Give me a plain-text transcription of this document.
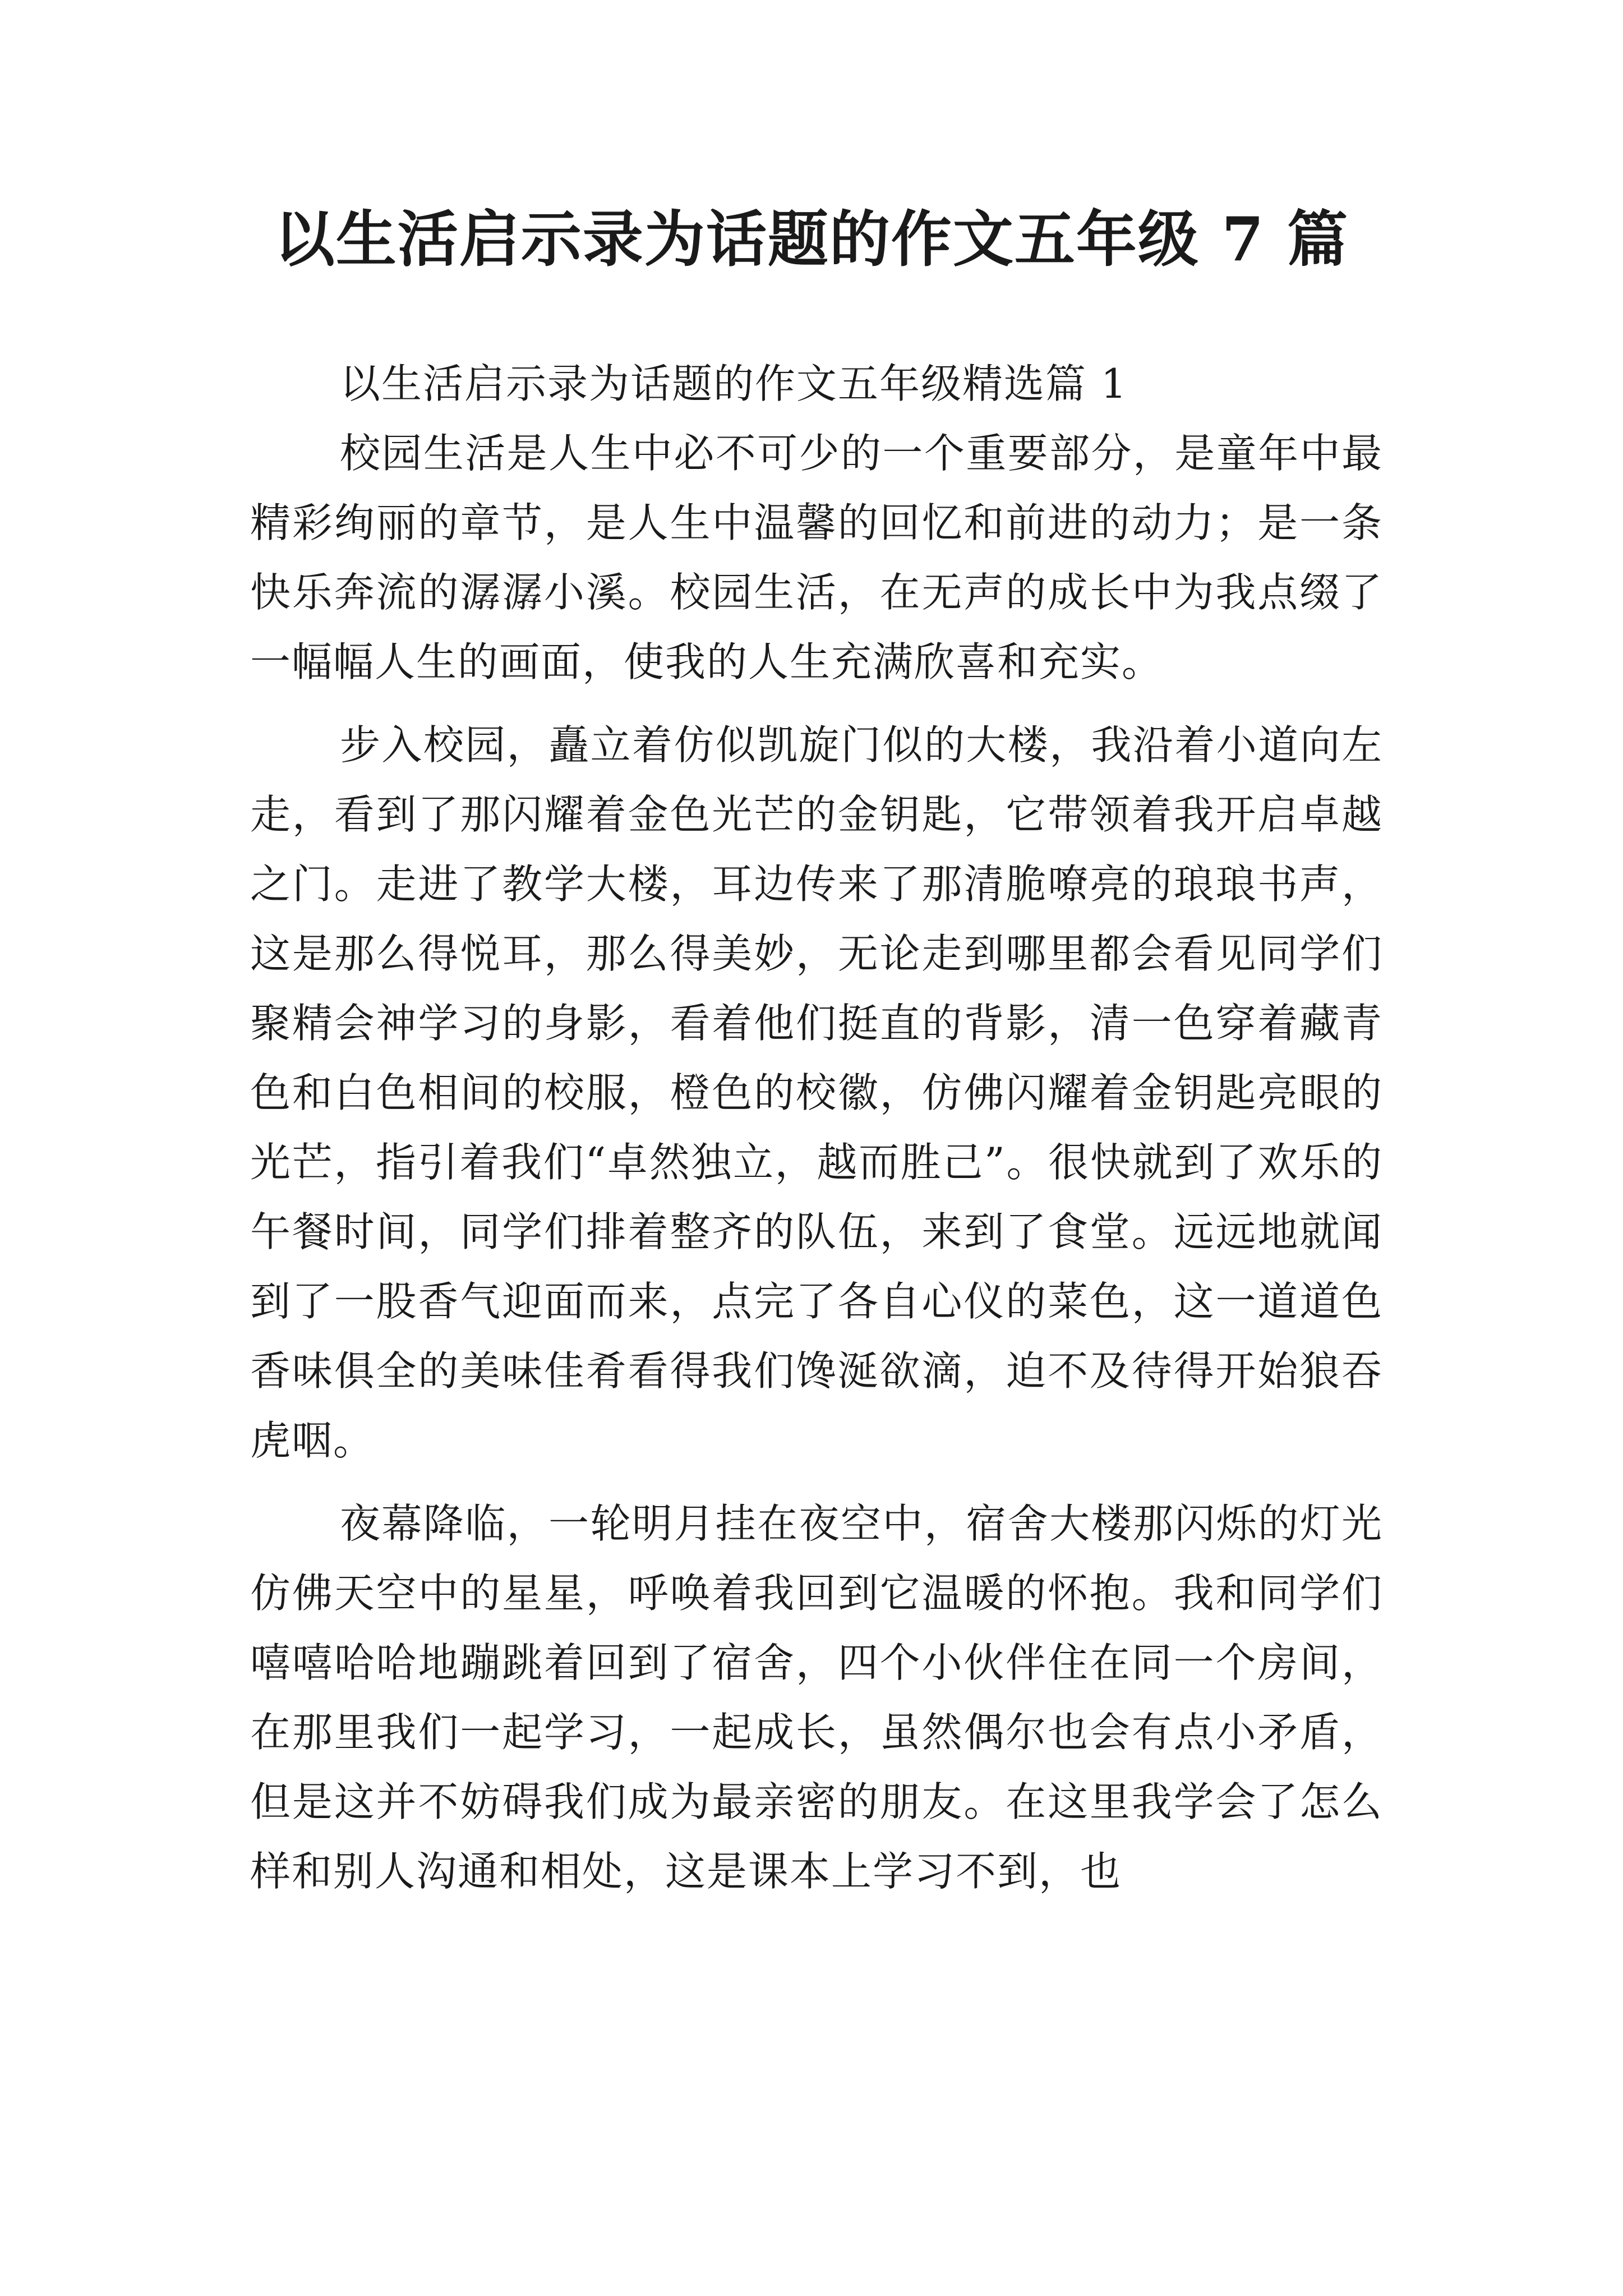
以生活启示录为话题的作文五年级 7 篇

以生活启示录为话题的作文五年级精选篇 1

校园生活是人生中必不可少的一个重要部分，是童年中最精彩绚丽的章节，是人生中温馨的回忆和前进的动力；是一条快乐奔流的潺潺小溪。校园生活，在无声的成长中为我点缀了一幅幅人生的画面，使我的人生充满欣喜和充实。

步入校园，矗立着仿似凯旋门似的大楼，我沿着小道向左走，看到了那闪耀着金色光芒的金钥匙，它带领着我开启卓越之门。走进了教学大楼，耳边传来了那清脆嘹亮的琅琅书声，这是那么得悦耳，那么得美妙，无论走到哪里都会看见同学们聚精会神学习的身影，看着他们挺直的背影，清一色穿着藏青色和白色相间的校服，橙色的校徽，仿佛闪耀着金钥匙亮眼的光芒，指引着我们“卓然独立，越而胜己”。很快就到了欢乐的午餐时间，同学们排着整齐的队伍，来到了食堂。远远地就闻到了一股香气迎面而来，点完了各自心仪的菜色，这一道道色香味俱全的美味佳肴看得我们馋涎欲滴，迫不及待得开始狼吞虎咽。

夜幕降临，一轮明月挂在夜空中，宿舍大楼那闪烁的灯光仿佛天空中的星星，呼唤着我回到它温暖的怀抱。我和同学们嘻嘻哈哈地蹦跳着回到了宿舍，四个小伙伴住在同一个房间，在那里我们一起学习，一起成长，虽然偶尔也会有点小矛盾，但是这并不妨碍我们成为最亲密的朋友。在这里我学会了怎么样和别人沟通和相处，这是课本上学习不到，也
